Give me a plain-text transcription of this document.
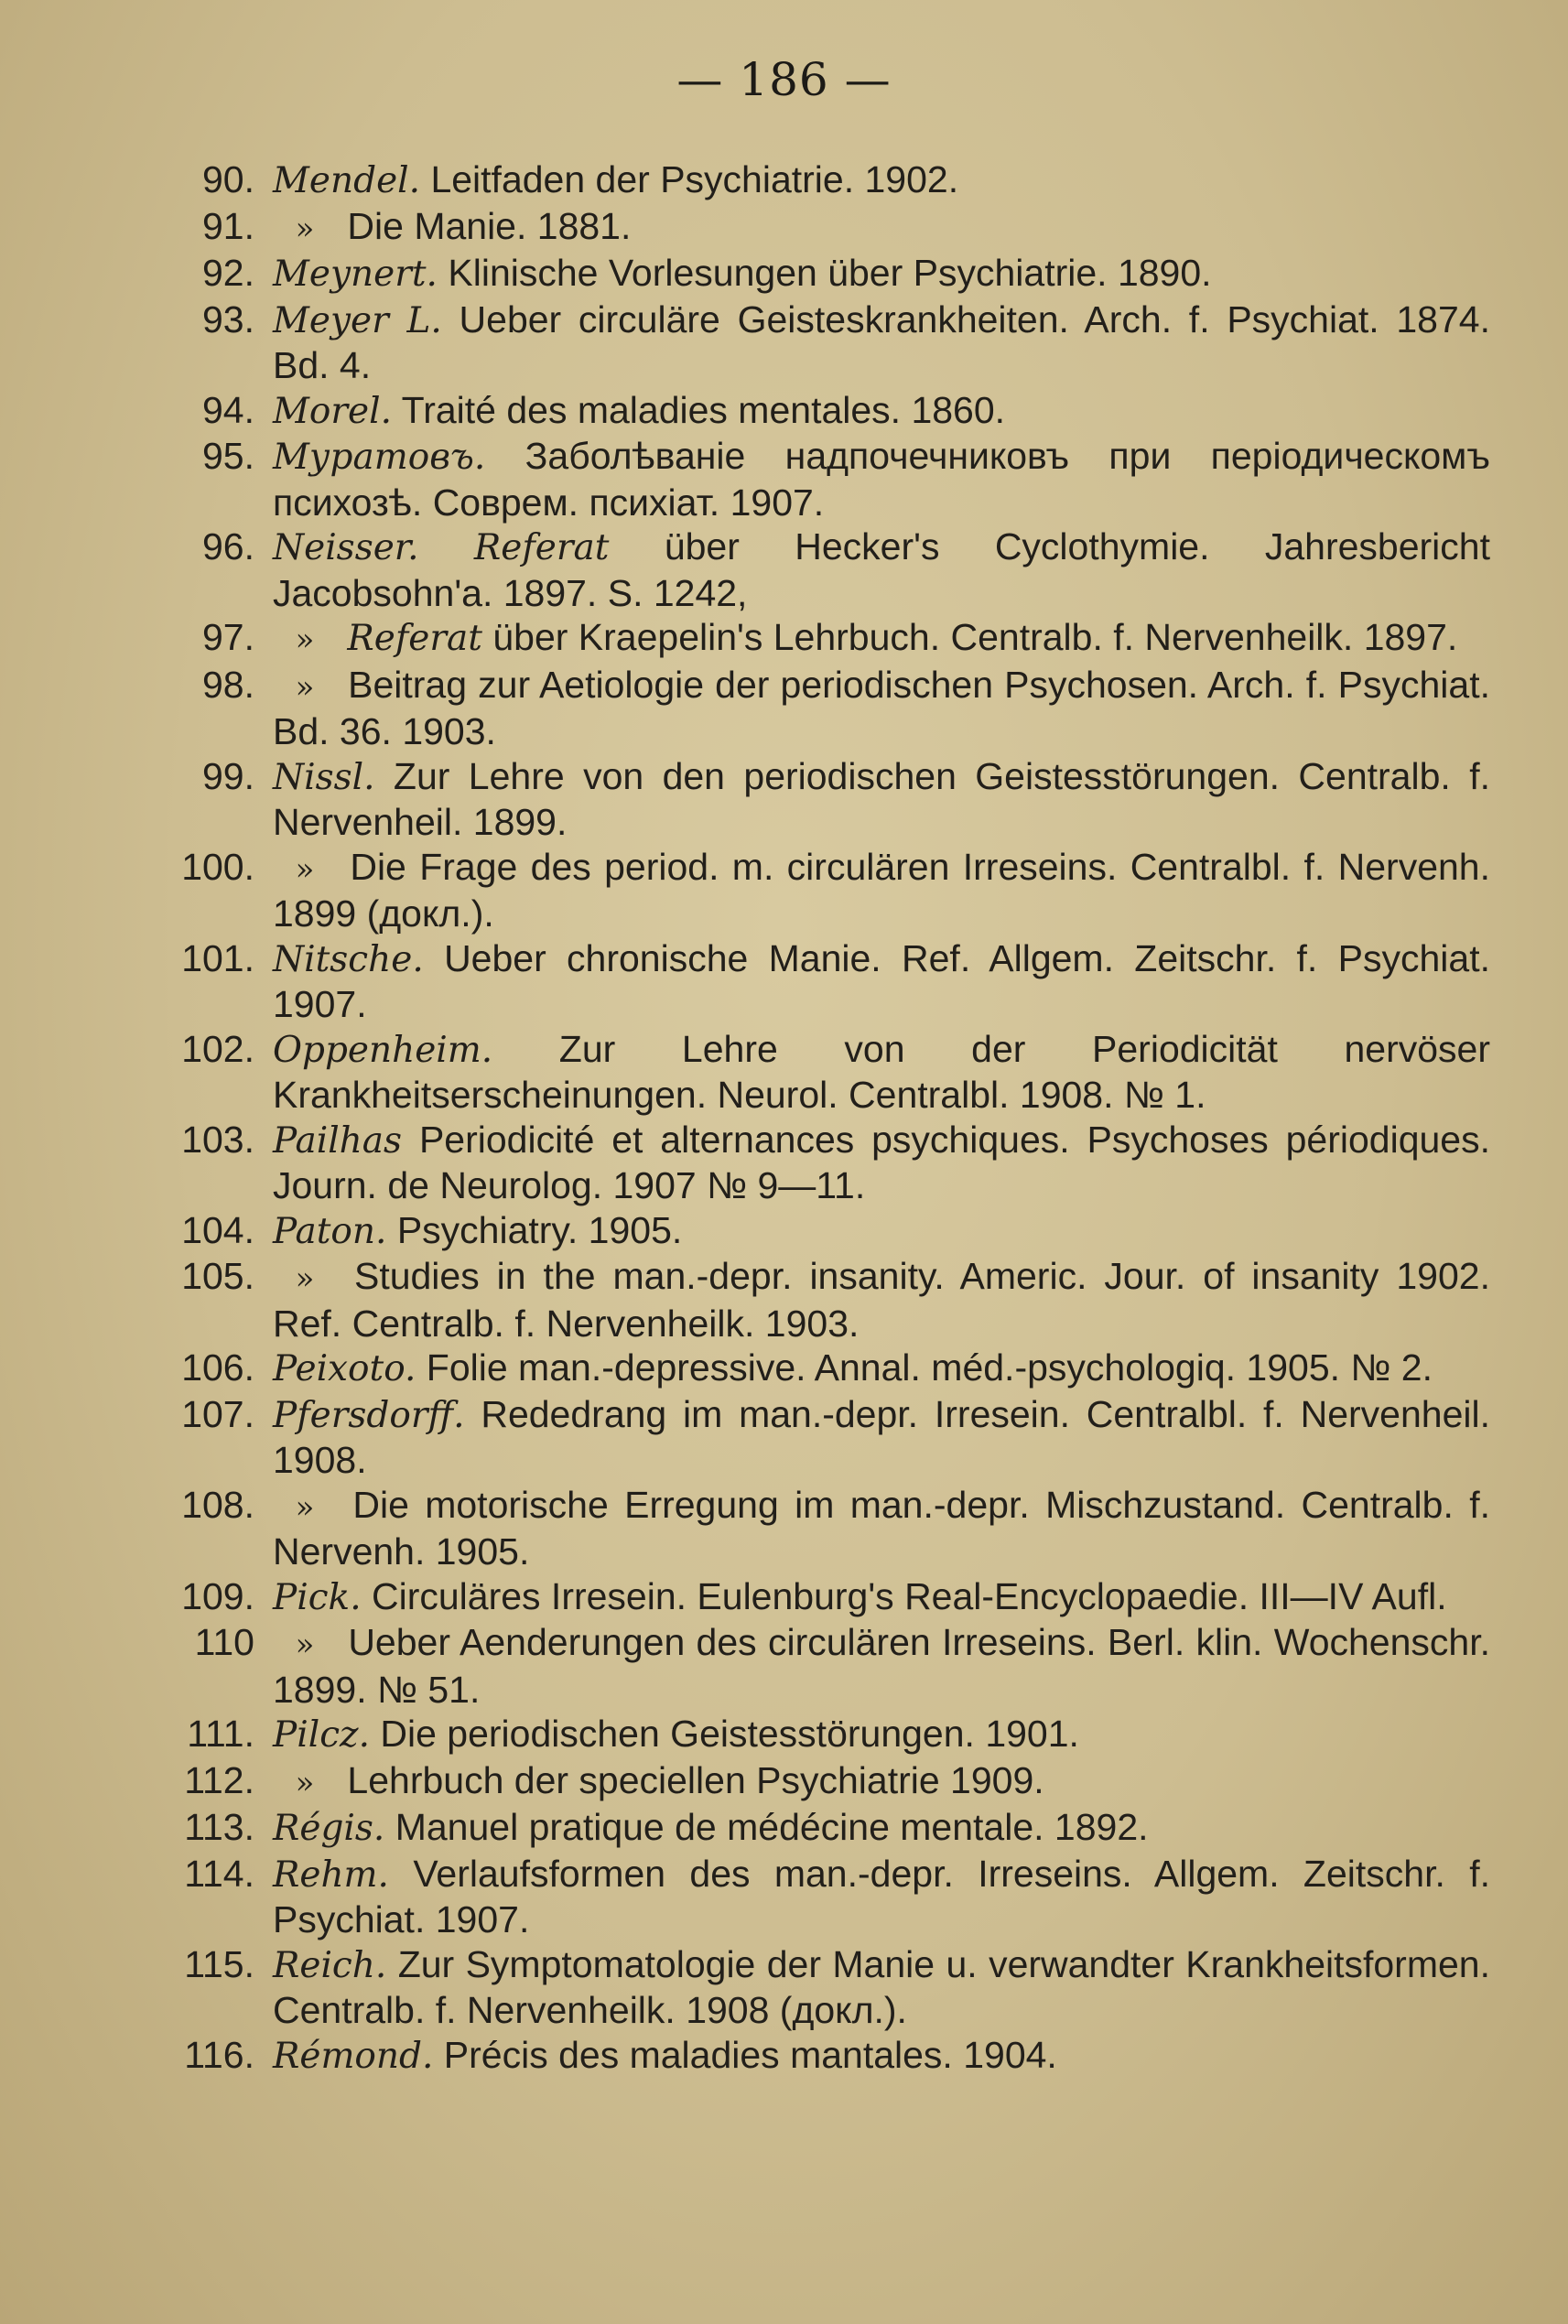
— 186 —
90. Mendel. Leitfaden der Psychiatrie. 1902.
91.	» Die Manie. 1881.
92. Meynert. Klinische Vorlesungen über Psychiatrie. 1890.
93. Meyer L. Ueber circuläre Geisteskrankheiten. Arch. f. Psychiat. 1874. Bd. 4.
94. Morel. Traité des maladies mentales. 1860.
95. Муратовъ. Заболѣванiе надпочечниковъ при перiодическомъ психозѣ. Соврем. психiат. 1907.
96. Neisser. Referat über Hecker's Cyclothymie. Jahresbericht Jacobsohn'a. 1897. S. 1242,
97.	» Referat über Kraepelin's Lehrbuch. Centralb. f. Nervenheilk. 1897.
98.	» Beitrag zur Aetiologie der periodischen Psychosen. Arch. f. Psychiat. Bd. 36. 1903.
99. Nissl. Zur Lehre von den periodischen Geistesstörungen. Centralb. f. Nervenheil. 1899.
100.	» Die Frage des period. m. circulären Irreseins. Centralbl. f. Nervenh. 1899 (докл.).
101. Nitsche. Ueber chronische Manie. Ref. Allgem. Zeitschr. f. Psychiat. 1907.
102. Oppenheim. Zur Lehre von der Periodicität nervöser Krankheitserscheinungen. Neurol. Centralbl. 1908. № 1.
103. Pailhas Periodicité et alternances psychiques. Psychoses périodiques. Journ. de Neurolog. 1907 № 9—11.
104. Paton. Psychiatry. 1905.
105.	» Studies in the man.-depr. insanity. Americ. Jour. of insanity 1902. Ref. Centralb. f. Nervenheilk. 1903.
106. Peixoto. Folie man.-depressive. Annal. méd.-psychologiq. 1905. № 2.
107. Pfersdorff. Rededrang im man.-depr. Irresein. Centralbl. f. Nervenheil. 1908.
108.	» Die motorische Erregung im man.-depr. Mischzustand. Centralb. f. Nervenh. 1905.
109. Pick. Circuläres Irresein. Eulenburg's Real-Encyclopaedie. III—IV Aufl.
110	» Ueber Aenderungen des circulären Irreseins. Berl. klin. Wochenschr. 1899. № 51.
111. Pilcz. Die periodischen Geistesstörungen. 1901.
112.	» Lehrbuch der speciellen Psychiatrie 1909.
113. Régis. Manuel pratique de médécine mentale. 1892.
114. Rehm. Verlaufsformen des man.-depr. Irreseins. Allgem. Zeitschr. f. Psychiat. 1907.
115. Reich. Zur Symptomatologie der Manie u. verwandter Krankheitsformen. Centralb. f. Nervenheilk. 1908 (докл.).
116. Rémond. Précis des maladies mantales. 1904.
